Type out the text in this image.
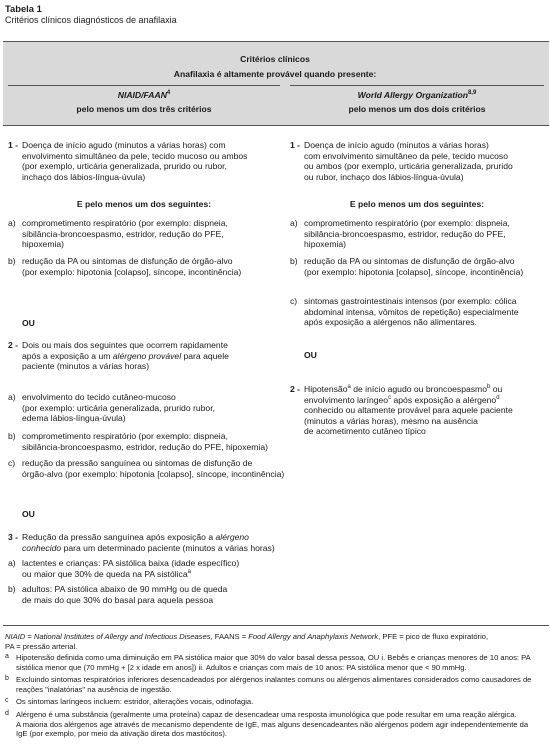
Tabela 1
Critérios clínicos diagnósticos de anafilaxia
Critérios clínicos
Anafilaxia é altamente provável quando presente:
NIAID/FAAN$^4$	World Allergy Organization$^{8,9}$
pelo menos um dos três critérios	pelo menos um dos dois critérios
1 - Doença de início agudo (minutos a várias horas) com
envolvimento simultâneo da pele, tecido mucoso ou ambos
(por exemplo, urticária generalizada, prurido ou rubor,
inchaço dos lábios-língua-úvula)
E pelo menos um dos seguintes:
a) comprometimento respiratório (por exemplo: dispneia,
sibilância-broncoespasmo, estridor, redução do PFE,
hipoxemia)
b) redução da PA ou sintomas de disfunção de órgão-alvo
(por exemplo: hipotonia [colapso], síncope, incontinência)
OU
2 - Dois ou mais dos seguintes que ocorrem rapidamente
após a exposição a um alérgeno provável para aquele
paciente (minutos a várias horas)
a) envolvimento do tecido cutâneo-mucoso
(por exemplo: urticária generalizada, prurido rubor,
edema lábios-língua-úvula)
b) comprometimento respiratório (por exemplo: dispneia,
sibilância-broncoespasmo, estridor, redução do PFE, hipoxemia)
c) redução da pressão sanguínea ou sintomas de disfunção de
órgão-alvo (por exemplo: hipotonia [colapso], síncope, incontinência)
OU
3 - Redução da pressão sanguínea após exposição a alérgeno
conhecido para um determinado paciente (minutos a várias horas)
a) lactentes e crianças: PA sistólica baixa (idade específico)
ou maior que 30% de queda na PA sistólica$^a$
b) adultos: PA sistólica abaixo de 90 mmHg ou de queda
de mais do que 30% do basal para aquela pessoa
1 - Doença de início agudo (minutos a várias horas)
com envolvimento simultâneo da pele, tecido mucoso
ou ambos (por exemplo, urticária generalizada, prurido
ou rubor, inchaço dos lábios-língua-úvula)
E pelo menos um dos seguintes:
a) comprometimento respiratório (por exemplo: dispneia,
sibilância-broncoespasmo, estridor, redução do PFE,
hipoxemia)
b) redução da PA ou sintomas de disfunção de órgão-alvo
(por exemplo: hipotonia [colapso], síncope, incontinência)
c) sintomas gastrointestinais intensos (por exemplo: cólica
abdominal intensa, vômitos de repetição) especialmente
após exposição a alérgenos não alimentares.
OU
2 - Hipotensão$^a$ de início agudo ou broncoespasmo$^b$ ou
envolvimento laríngeo$^c$ após exposição a alérgeno$^d$
conhecido ou altamente provável para aquele paciente
(minutos a várias horas), mesmo na ausência
de acometimento cutâneo típico
NIAID = National Institutes of Allergy and Infectious Diseases, FAANS = Food Allergy and Anaphylaxis Network, PFE = pico de fluxo expiratório,
PA = pressão arterial.
a Hipotensão definida como uma diminuição em PA sistólica maior que 30% do valor basal dessa pessoa, OU i. Bebês e crianças menores de 10 anos: PA
sistólica menor que (70 mmHg + [2 x idade em anos]) ii. Adultos e crianças com mais de 10 anos: PA sistólica menor que < 90 mmHg.
b Excluindo sintomas respiratórios inferiores desencadeados por alérgenos inalantes comuns ou alérgenos alimentares considerados como causadores de
reações "inalatórias" na ausência de ingestão.
c Os sintomas laríngeos incluem: estridor, alterações vocais, odinofagia.
d Alérgeno é uma substância (geralmente uma proteína) capaz de desencadear uma resposta imunológica que pode resultar em uma reação alérgica.
A maioria dos alérgenos age através de mecanismo dependente de IgE, mas alguns desencadeantes não alérgenos podem agir independentemente da
IgE (por exemplo, por meio da ativação direta dos mastócitos).
